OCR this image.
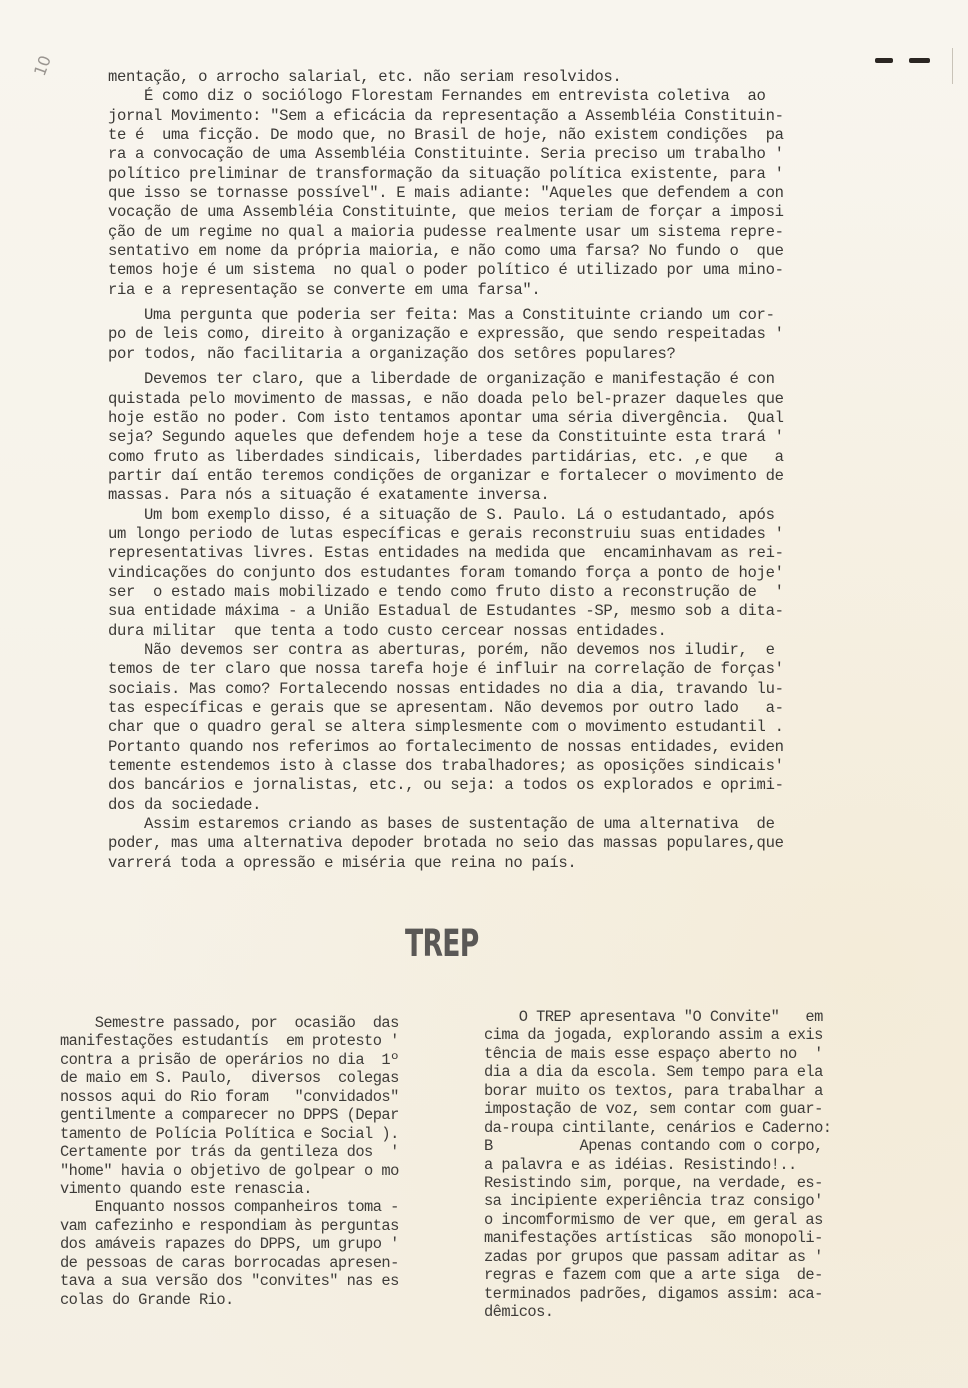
10	mentação, o arrocho salarial, etc. não seriam resolvidos.
É como diz o sociólogo Florestam Fernandes em entrevista coletiva  ao
jornal Movimento: "Sem a eficácia da representação a Assembléia Constituin-
te é  uma ficção. De modo que, no Brasil de hoje, não existem condições  pa
ra a convocação de uma Assembléia Constituinte. Seria preciso um trabalho '
político preliminar de transformação da situação política existente, para '
que isso se tornasse possível". E mais adiante: "Aqueles que defendem a con
vocação de uma Assembléia Constituinte, que meios teriam de forçar a imposi
ção de um regime no qual a maioria pudesse realmente usar um sistema repre-
sentativo em nome da própria maioria, e não como uma farsa? No fundo o  que
temos hoje é um sistema  no qual o poder político é utilizado por uma mino-
ria e a representação se converte em uma farsa".
Uma pergunta que poderia ser feita: Mas a Constituinte criando um cor-
po de leis como, direito à organização e expressão, que sendo respeitadas '
por todos, não facilitaria a organização dos setôres populares?
Devemos ter claro, que a liberdade de organização e manifestação é con
quistada pelo movimento de massas, e não doada pelo bel-prazer daqueles que
hoje estão no poder. Com isto tentamos apontar uma séria divergência.  Qual
seja? Segundo aqueles que defendem hoje a tese da Constituinte esta trará '
como fruto as liberdades sindicais, liberdades partidárias, etc. ,e que   a
partir daí então teremos condições de organizar e fortalecer o movimento de
massas. Para nós a situação é exatamente inversa.
Um bom exemplo disso, é a situação de S. Paulo. Lá o estudantado, após
um longo periodo de lutas específicas e gerais reconstruiu suas entidades '
representativas livres. Estas entidades na medida que  encaminhavam as rei-
vindicações do conjunto dos estudantes foram tomando força a ponto de hoje'
ser  o estado mais mobilizado e tendo como fruto disto a reconstrução de  '
sua entidade máxima - a União Estadual de Estudantes -SP, mesmo sob a dita-
dura militar  que tenta a todo custo cercear nossas entidades.
Não devemos ser contra as aberturas, porém, não devemos nos iludir,  e
temos de ter claro que nossa tarefa hoje é influir na correlação de forças'
sociais. Mas como? Fortalecendo nossas entidades no dia a dia, travando lu-
tas específicas e gerais que se apresentam. Não devemos por outro lado   a-
char que o quadro geral se altera simplesmente com o movimento estudantil .
Portanto quando nos referimos ao fortalecimento de nossas entidades, eviden
temente estendemos isto à classe dos trabalhadores; as oposições sindicais'
dos bancários e jornalistas, etc., ou seja: a todos os explorados e oprimi-
dos da sociedade.
Assim estaremos criando as bases de sustentação de uma alternativa  de
poder, mas uma alternativa depoder brotada no seio das massas populares,que
varrerá toda a opressão e miséria que reina no país.
TREP
Semestre passado, por  ocasião  das
manifestações estudantís  em protesto '
contra a prisão de operários no dia  1º
de maio em S. Paulo,  diversos  colegas
nossos aqui do Rio foram   "convidados"
gentilmente a comparecer no DPPS (Depar
tamento de Polícia Política e Social ).
Certamente por trás da gentileza dos  '
"home" havia o objetivo de golpear o mo
vimento quando este renascia.
Enquanto nossos companheiros toma -
vam cafezinho e respondiam às perguntas
dos amáveis rapazes do DPPS, um grupo '
de pessoas de caras borrocadas apresen-
tava a sua versão dos "convites" nas es
colas do Grande Rio.
O TREP apresentava "O Convite"   em
cima da jogada, explorando assim a exis
tência de mais esse espaço aberto no  '
dia a dia da escola. Sem tempo para ela
borar muito os textos, para trabalhar a
impostação de voz, sem contar com guar-
da-roupa cintilante, cenários e Caderno:
B          Apenas contando com o corpo,
a palavra e as idéias. Resistindo!..
Resistindo sim, porque, na verdade, es-
sa incipiente experiência traz consigo'
o incomformismo de ver que, em geral as
manifestações artísticas  são monopoli-
zadas por grupos que passam aditar as '
regras e fazem com que a arte siga  de-
terminados padrões, digamos assim: aca-
dêmicos.
